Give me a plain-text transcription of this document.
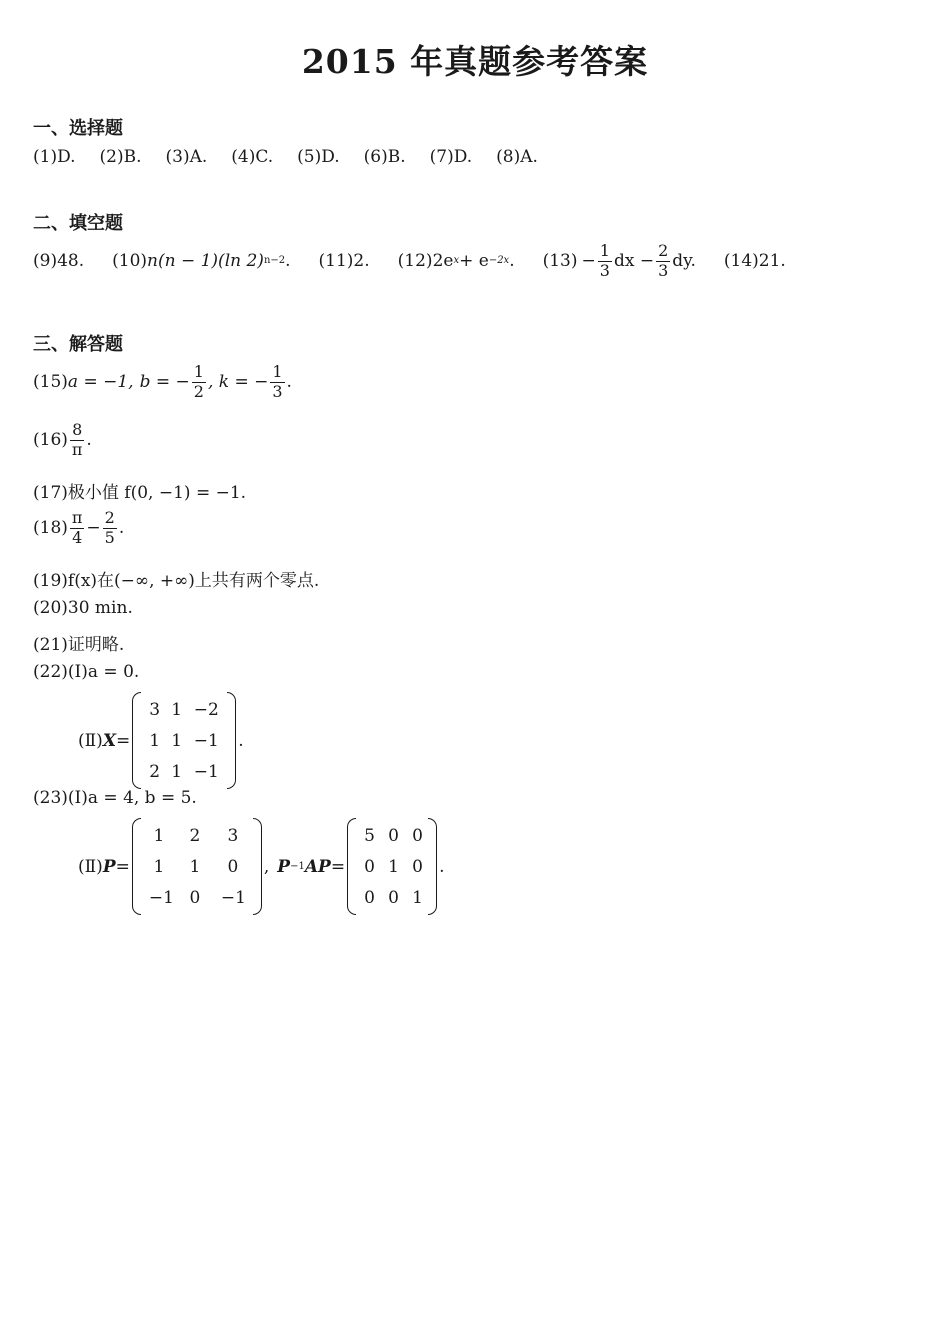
2015 年真题参考答案
一、选择题
(1)D. (2)B. (3)A. (4)C. (5)D. (6)B. (7)D. (8)A.
二、填空题
(9)48. (10) n(n − 1)(ln 2) n−2 . (11)2. (12) 2e x + e −2x . $(13) - \frac{1}{3}$ dx − $\frac{2}{3}$ dy. (14)21.
三、解答题
(15) a = −1, b = − $\frac{1}{2}$ , k = − $\frac{1}{3}$ .
$(16) \frac{8}{\pi}$ .
(17)极小值 f(0, −1) = −1.
$(18) \frac{\pi}{4} - \frac{2}{5}$ .
(19)f(x)在(−∞, +∞)上共有两个零点.
(20)30 min.
(21)证明略.
(22)(Ⅰ)a = 0.
(Ⅱ) X =
3 1 −2
1 1 −1
2 1 −1
.
(23)(Ⅰ)a = 4, b = 5.
(Ⅱ) P =
1	2	3
1	1	0
−1 0	−1
, P −1 AP =
5 0 0
0 1 0
0 0 1
.
